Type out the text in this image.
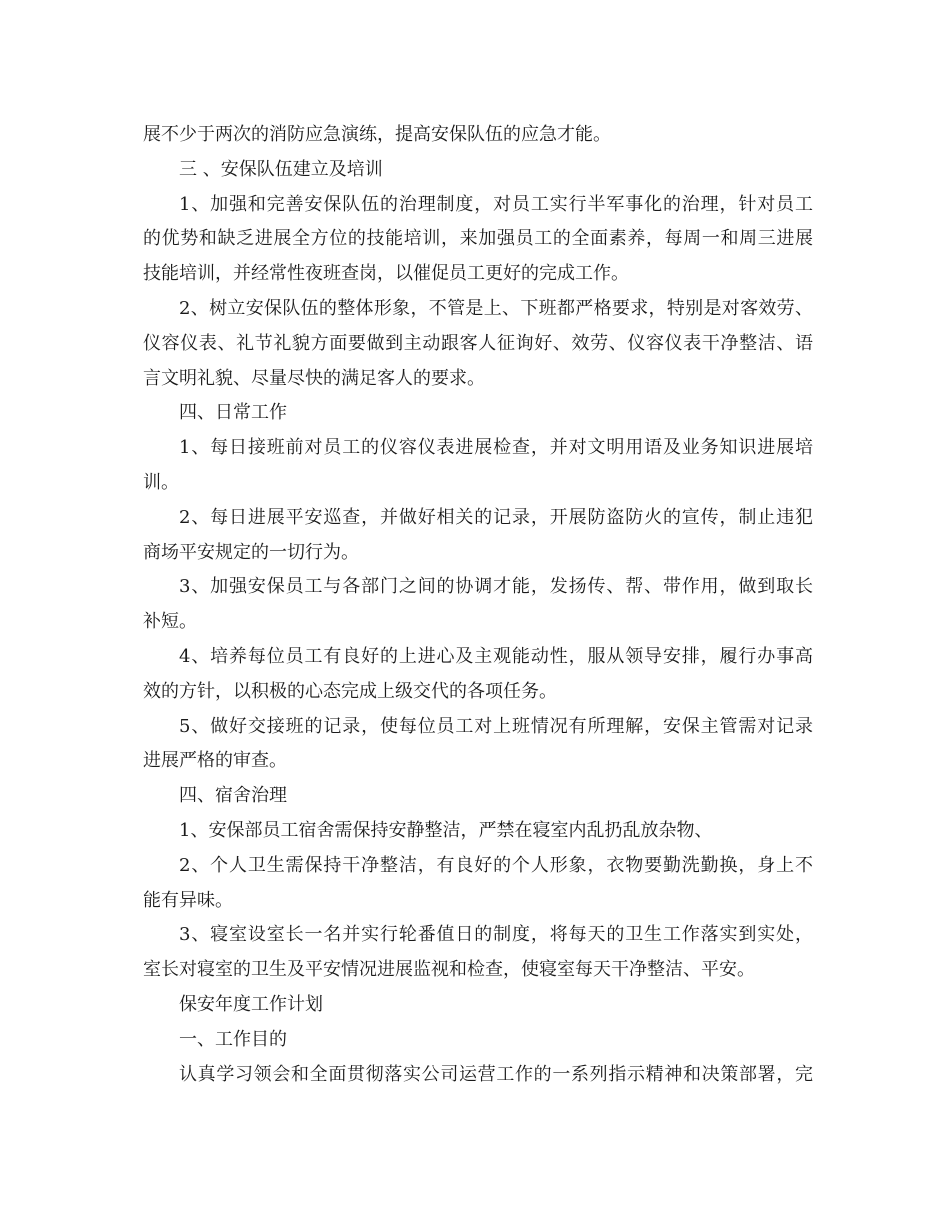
展不少于两次的消防应急演练，提高安保队伍的应急才能。
三 、安保队伍建立及培训
1、加强和完善安保队伍的治理制度，对员工实行半军事化的治理，针对员工
的优势和缺乏进展全方位的技能培训，来加强员工的全面素养，每周一和周三进展
技能培训，并经常性夜班查岗，以催促员工更好的完成工作。
2、树立安保队伍的整体形象，不管是上、下班都严格要求，特别是对客效劳、
仪容仪表、礼节礼貌方面要做到主动跟客人征询好、效劳、仪容仪表干净整洁、语
言文明礼貌、尽量尽快的满足客人的要求。
四、日常工作
1、每日接班前对员工的仪容仪表进展检查，并对文明用语及业务知识进展培
训。
2、每日进展平安巡查，并做好相关的记录，开展防盗防火的宣传，制止违犯
商场平安规定的一切行为。
3、加强安保员工与各部门之间的协调才能，发扬传、帮、带作用，做到取长
补短。
4、培养每位员工有良好的上进心及主观能动性，服从领导安排，履行办事高
效的方针，以积极的心态完成上级交代的各项任务。
5、做好交接班的记录，使每位员工对上班情况有所理解，安保主管需对记录
进展严格的审查。
四、宿舍治理
1、安保部员工宿舍需保持安静整洁，严禁在寝室内乱扔乱放杂物、
2、个人卫生需保持干净整洁，有良好的个人形象，衣物要勤洗勤换，身上不
能有异味。
3、寝室设室长一名并实行轮番值日的制度，将每天的卫生工作落实到实处，
室长对寝室的卫生及平安情况进展监视和检查，使寝室每天干净整洁、平安。
保安年度工作计划
一、工作目的
认真学习领会和全面贯彻落实公司运营工作的一系列指示精神和决策部署，完
